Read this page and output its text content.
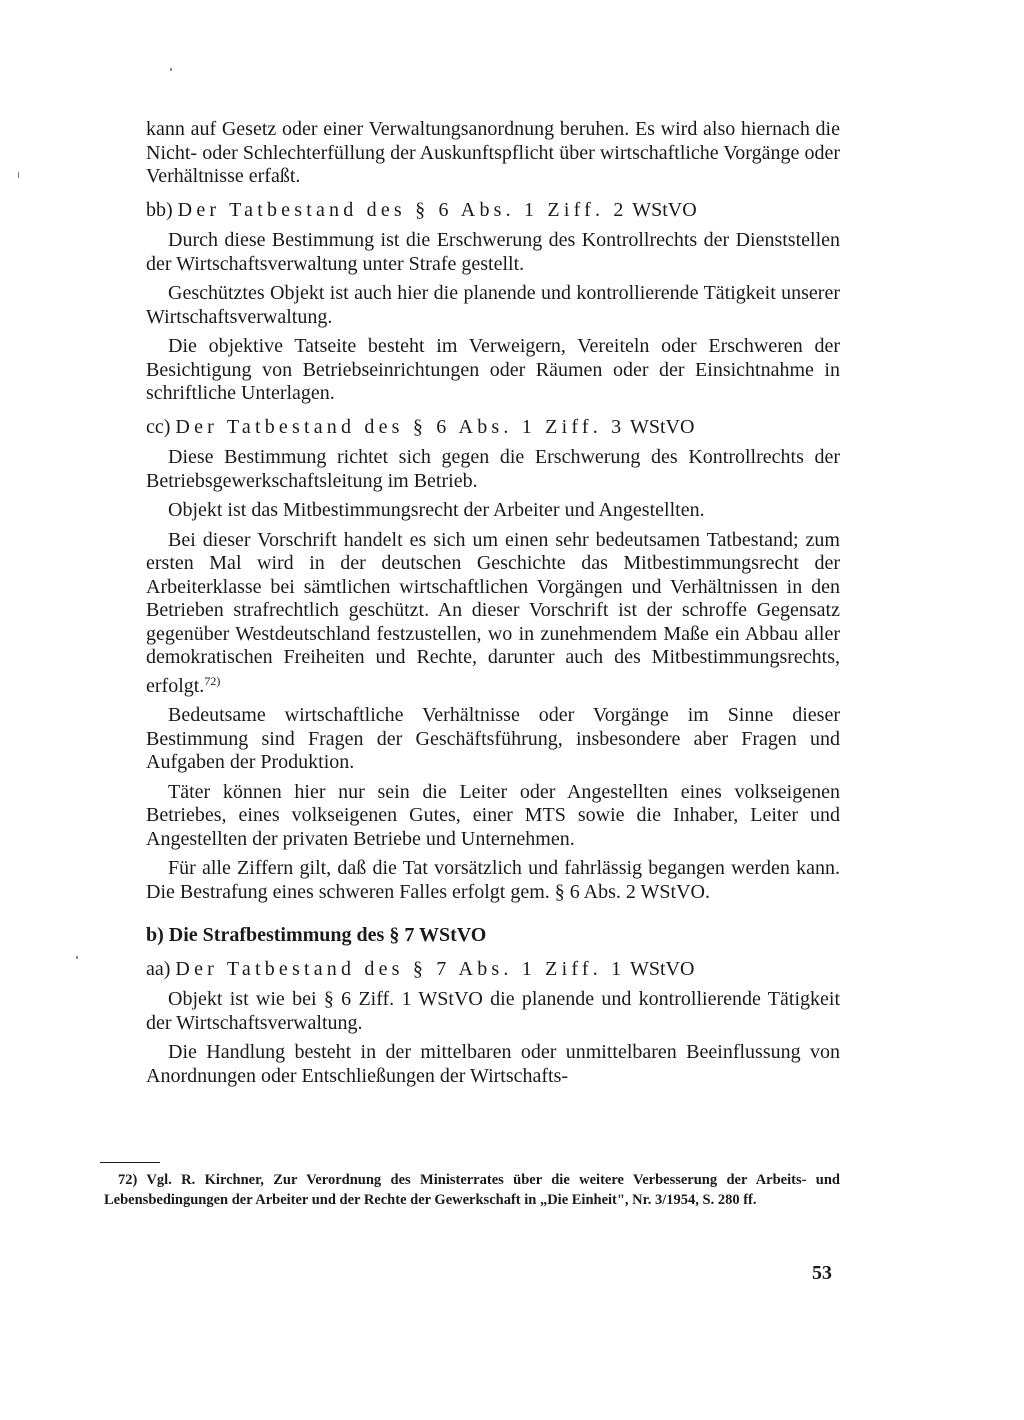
kann auf Gesetz oder einer Verwaltungsanordnung beruhen. Es wird also hiernach die Nicht- oder Schlechterfüllung der Auskunftspflicht über wirtschaftliche Vorgänge oder Verhältnisse erfaßt.

bb) Der Tatbestand des § 6 Abs. 1 Ziff. 2 WStVO

Durch diese Bestimmung ist die Erschwerung des Kontrollrechts der Dienststellen der Wirtschaftsverwaltung unter Strafe gestellt.

Geschütztes Objekt ist auch hier die planende und kontrollierende Tätigkeit unserer Wirtschaftsverwaltung.

Die objektive Tatseite besteht im Verweigern, Vereiteln oder Erschweren der Besichtigung von Betriebseinrichtungen oder Räumen oder der Einsichtnahme in schriftliche Unterlagen.

cc) Der Tatbestand des § 6 Abs. 1 Ziff. 3 WStVO

Diese Bestimmung richtet sich gegen die Erschwerung des Kontrollrechts der Betriebsgewerkschaftsleitung im Betrieb.

Objekt ist das Mitbestimmungsrecht der Arbeiter und Angestellten.

Bei dieser Vorschrift handelt es sich um einen sehr bedeutsamen Tatbestand; zum ersten Mal wird in der deutschen Geschichte das Mitbestimmungsrecht der Arbeiterklasse bei sämtlichen wirtschaftlichen Vorgängen und Verhältnissen in den Betrieben strafrechtlich geschützt. An dieser Vorschrift ist der schroffe Gegensatz gegenüber Westdeutschland festzustellen, wo in zunehmendem Maße ein Abbau aller demokratischen Freiheiten und Rechte, darunter auch des Mitbestimmungsrechts, erfolgt.$^{72)}$

Bedeutsame wirtschaftliche Verhältnisse oder Vorgänge im Sinne dieser Bestimmung sind Fragen der Geschäftsführung, insbesondere aber Fragen und Aufgaben der Produktion.

Täter können hier nur sein die Leiter oder Angestellten eines volkseigenen Betriebes, eines volkseigenen Gutes, einer MTS sowie die Inhaber, Leiter und Angestellten der privaten Betriebe und Unternehmen.

Für alle Ziffern gilt, daß die Tat vorsätzlich und fahrlässig begangen werden kann. Die Bestrafung eines schweren Falles erfolgt gem. § 6 Abs. 2 WStVO.

b) Die Strafbestimmung des § 7 WStVO
aa) Der Tatbestand des § 7 Abs. 1 Ziff. 1 WStVO

Objekt ist wie bei § 6 Ziff. 1 WStVO die planende und kontrollierende Tätigkeit der Wirtschaftsverwaltung.

Die Handlung besteht in der mittelbaren oder unmittelbaren Beeinflussung von Anordnungen oder Entschließungen der Wirtschafts-

72) Vgl. R. Kirchner, Zur Verordnung des Ministerrates über die weitere Verbesserung der Arbeits- und Lebensbedingungen der Arbeiter und der Rechte der Gewerkschaft in „Die Einheit", Nr. 3/1954, S. 280 ff.
53
